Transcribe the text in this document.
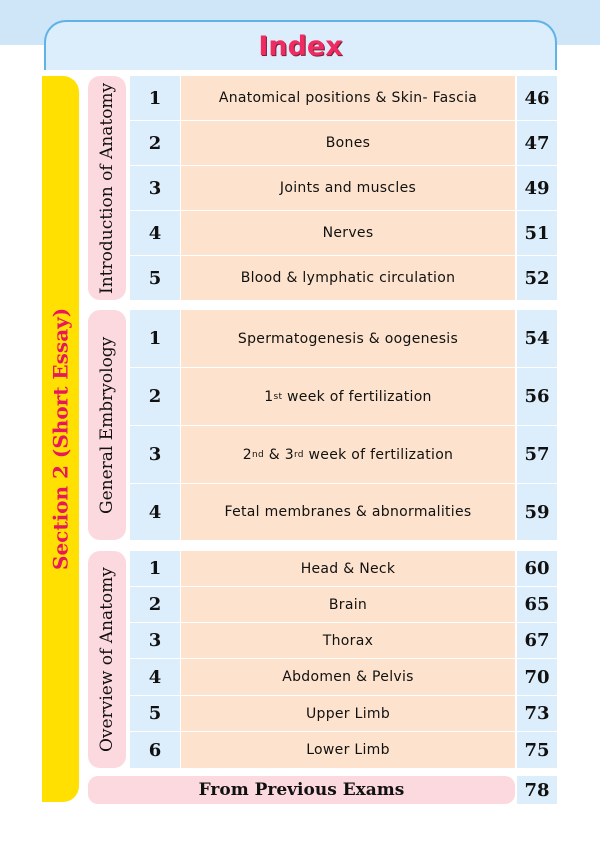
Index
Section 2 (Short Essay)
Introduction of Anatomy	1	Anatomical positions & Skin- Fascia	46
2	Bones	47
3	Joints and muscles	49
4	Nerves	51
5	Blood & lymphatic circulation	52
General Embryology	1	Spermatogenesis & oogenesis	54
2	1 st week of fertilization	56
3	2 nd & 3 rd week of fertilization	57
4	Fetal membranes & abnormalities	59
Overview of Anatomy	1	Head & Neck	60
2	Brain	65
3	Thorax	67
4	Abdomen & Pelvis	70
5	Upper Limb	73
6	Lower Limb	75
From Previous Exams	78
